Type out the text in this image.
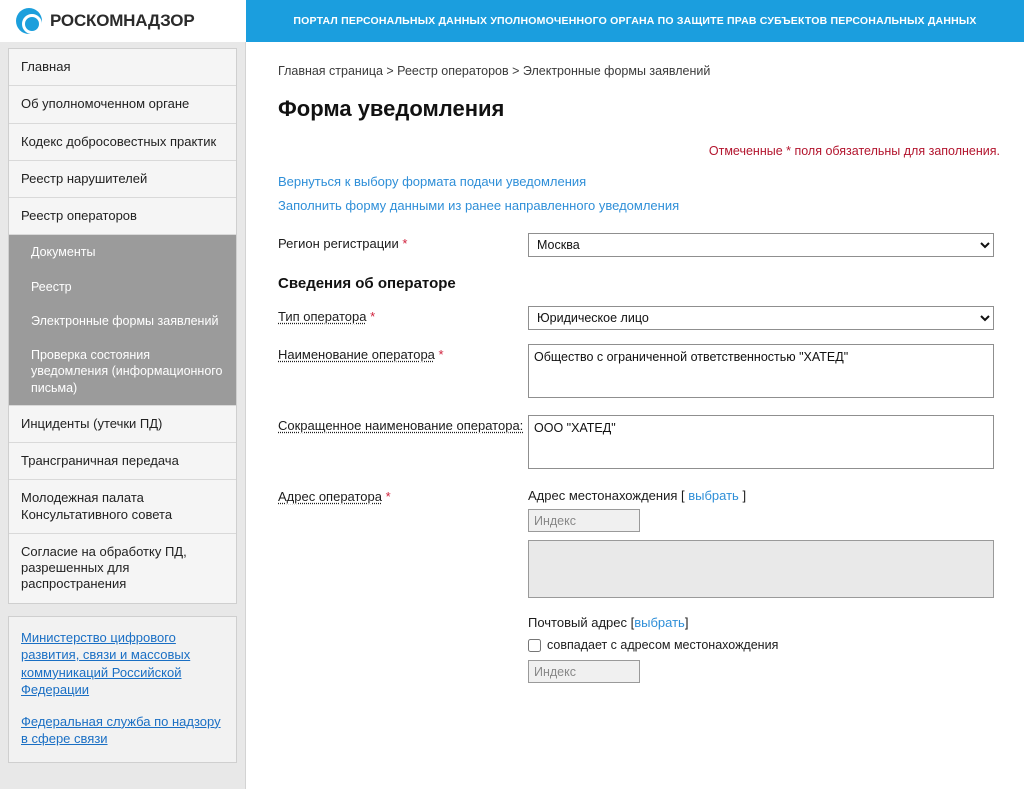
РОСКОМНАДЗОР	ПОРТАЛ ПЕРСОНАЛЬНЫХ ДАННЫХ УПОЛНОМОЧЕННОГО ОРГАНА ПО ЗАЩИТЕ ПРАВ СУБЪЕКТОВ ПЕРСОНАЛЬНЫХ ДАННЫХ
Главная
Об уполномоченном органе
Кодекс добросовестных практик
Реестр нарушителей
Реестр операторов
Документы
Реестр
Электронные формы заявлений
Проверка состояния уведомления (информационного письма)
Инциденты (утечки ПД)
Трансграничная передача
Молодежная палата Консультативного совета
Согласие на обработку ПД, разрешенных для распространения
Министерство цифрового развития, связи и массовых коммуникаций Российской Федерации
Федеральная служба по надзору в сфере связи
Главная страница > Реестр операторов > Электронные формы заявлений
Форма уведомления
Отмеченные * поля обязательны для заполнения.
Вернуться к выбору формата подачи уведомления
Заполнить форму данными из ранее направленного уведомления
Регион регистрации *
Москва
Сведения об операторе
Тип оператора *
Юридическое лицо
Наименование оператора *
Общество с ограниченной ответственностью "ХАТЕД"
Сокращенное наименование оператора:
ООО "ХАТЕД"
Адрес оператора *	Адрес местонахождения [ выбрать ]
Индекс
Почтовый адрес [выбрать]
совпадает с адресом местонахождения
Индекс
